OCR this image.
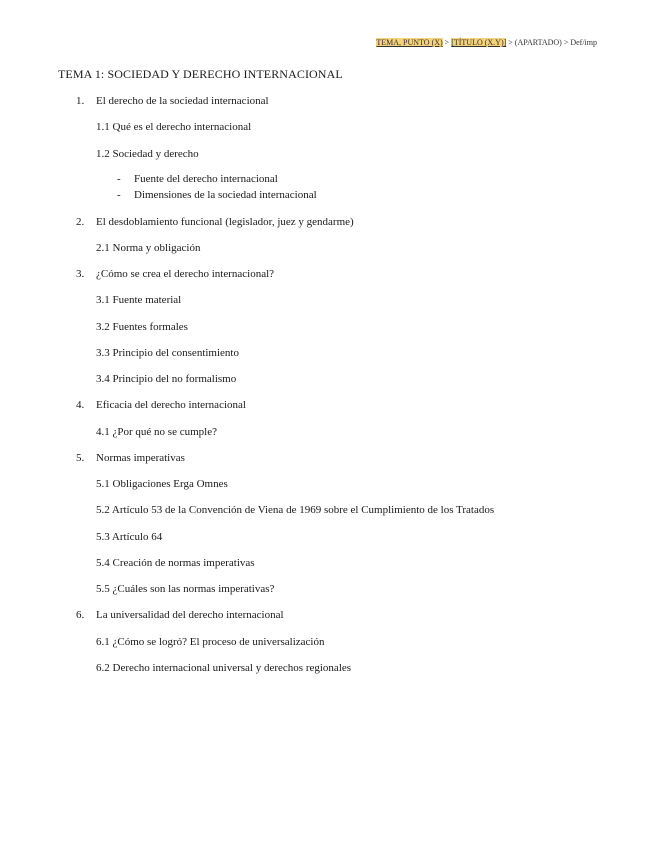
TEMA, PUNTO (X) > [TÍTULO (X.Y)] > (APARTADO) > Def/imp
TEMA 1: SOCIEDAD Y DERECHO INTERNACIONAL
1. El derecho de la sociedad internacional
1.1 Qué es el derecho internacional
1.2 Sociedad y derecho
- Fuente del derecho internacional
- Dimensiones de la sociedad internacional
2. El desdoblamiento funcional (legislador, juez y gendarme)
2.1 Norma y obligación
3. ¿Cómo se crea el derecho internacional?
3.1 Fuente material
3.2 Fuentes formales
3.3 Principio del consentimiento
3.4 Principio del no formalismo
4. Eficacia del derecho internacional
4.1 ¿Por qué no se cumple?
5. Normas imperativas
5.1 Obligaciones Erga Omnes
5.2 Artículo 53 de la Convención de Viena de 1969 sobre el Cumplimiento de los Tratados
5.3 Artículo 64
5.4 Creación de normas imperativas
5.5 ¿Cuáles son las normas imperativas?
6. La universalidad del derecho internacional
6.1 ¿Cómo se logró? El proceso de universalización
6.2 Derecho internacional universal y derechos regionales
